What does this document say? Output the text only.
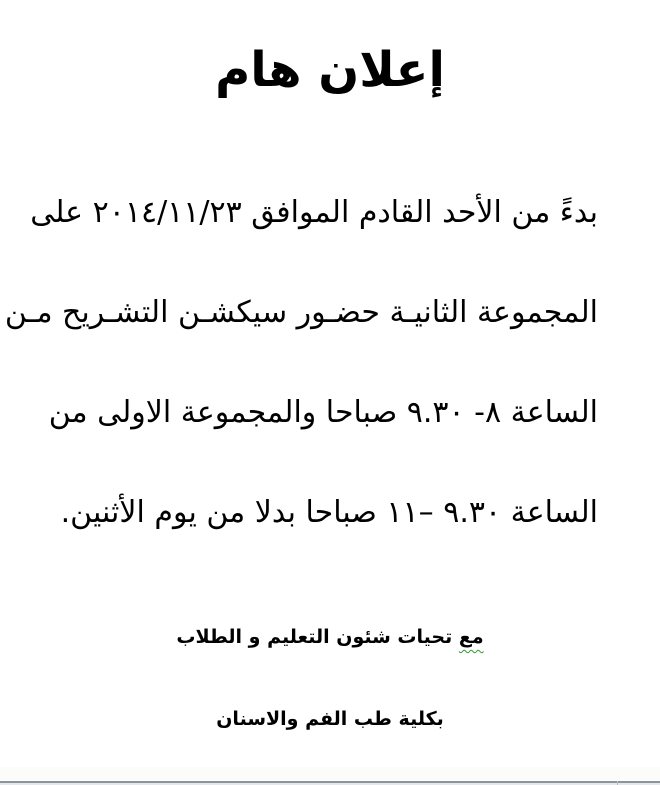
إعلان هام
بدءً من الأحد القادم الموافق ٢٠١٤/١١/٢٣ على
المجموعة الثانيـة حضـور سيكشـن التشـريح مـن
الساعة ٨- ٩.٣٠ صباحا والمجموعة الاولى من
الساعة ٩.٣٠ –١١ صباحا بدلا من يوم الأثنين.
مع تحيات شئون التعليم و الطلاب
بكلية طب الفم والاسنان
